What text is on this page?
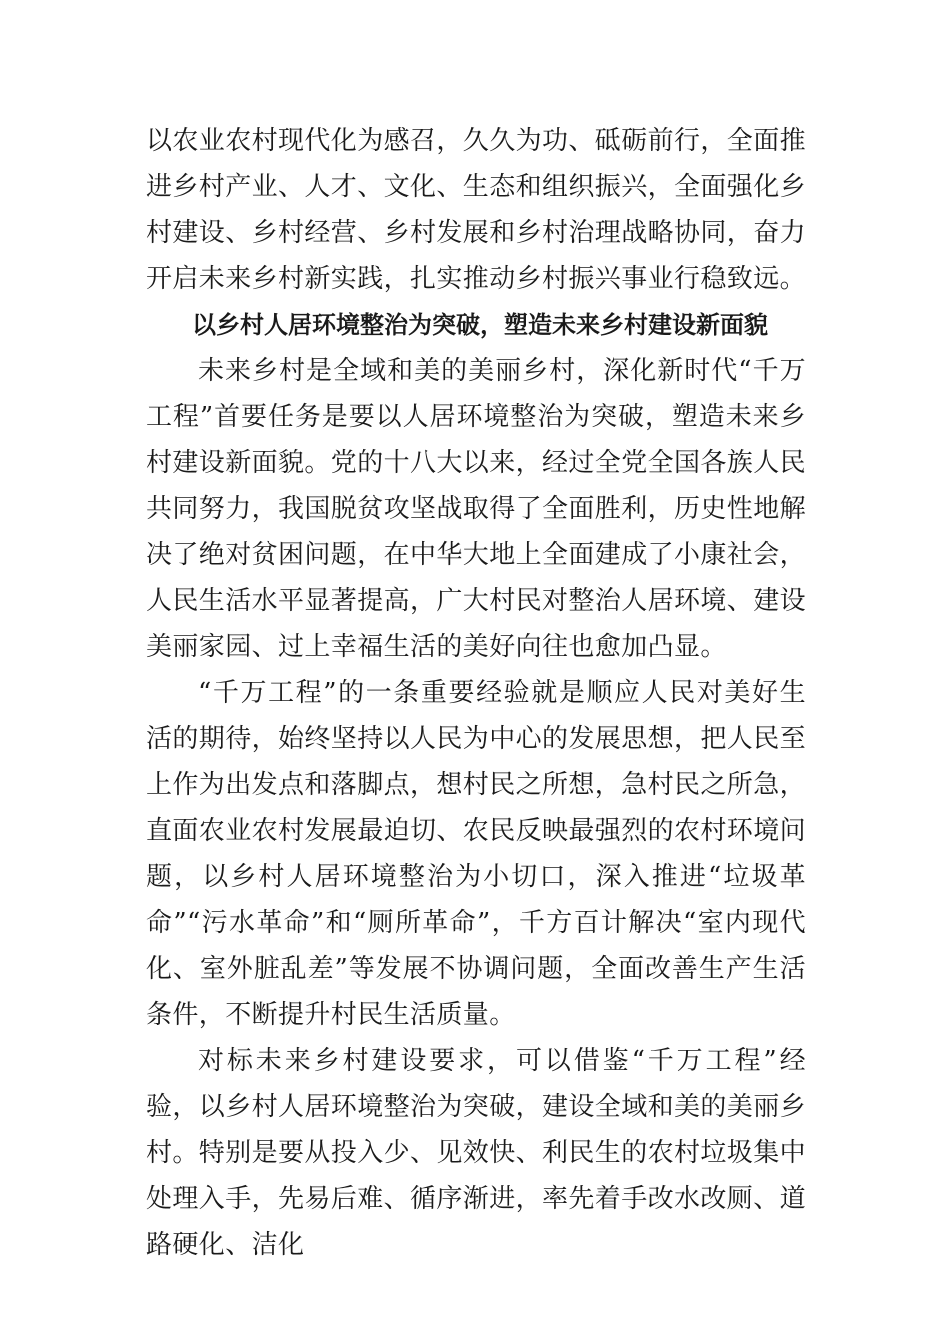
以农业农村现代化为感召，久久为功、砥砺前行，全面推进乡村产业、人才、文化、生态和组织振兴，全面强化乡村建设、乡村经营、乡村发展和乡村治理战略协同，奋力开启未来乡村新实践，扎实推动乡村振兴事业行稳致远。

以乡村人居环境整治为突破，塑造未来乡村建设新面貌

未来乡村是全域和美的美丽乡村，深化新时代“千万工程”首要任务是要以人居环境整治为突破，塑造未来乡村建设新面貌。党的十八大以来，经过全党全国各族人民共同努力，我国脱贫攻坚战取得了全面胜利，历史性地解决了绝对贫困问题，在中华大地上全面建成了小康社会，人民生活水平显著提高，广大村民对整治人居环境、建设美丽家园、过上幸福生活的美好向往也愈加凸显。

“千万工程”的一条重要经验就是顺应人民对美好生活的期待，始终坚持以人民为中心的发展思想，把人民至上作为出发点和落脚点，想村民之所想，急村民之所急，直面农业农村发展最迫切、农民反映最强烈的农村环境问题，以乡村人居环境整治为小切口，深入推进“垃圾革命”“污水革命”和“厕所革命”，千方百计解决“室内现代化、室外脏乱差”等发展不协调问题，全面改善生产生活条件，不断提升村民生活质量。

对标未来乡村建设要求，可以借鉴“千万工程”经验，以乡村人居环境整治为突破，建设全域和美的美丽乡村。特别是要从投入少、见效快、利民生的农村垃圾集中处理入手，先易后难、循序渐进，率先着手改水改厕、道路硬化、洁化
